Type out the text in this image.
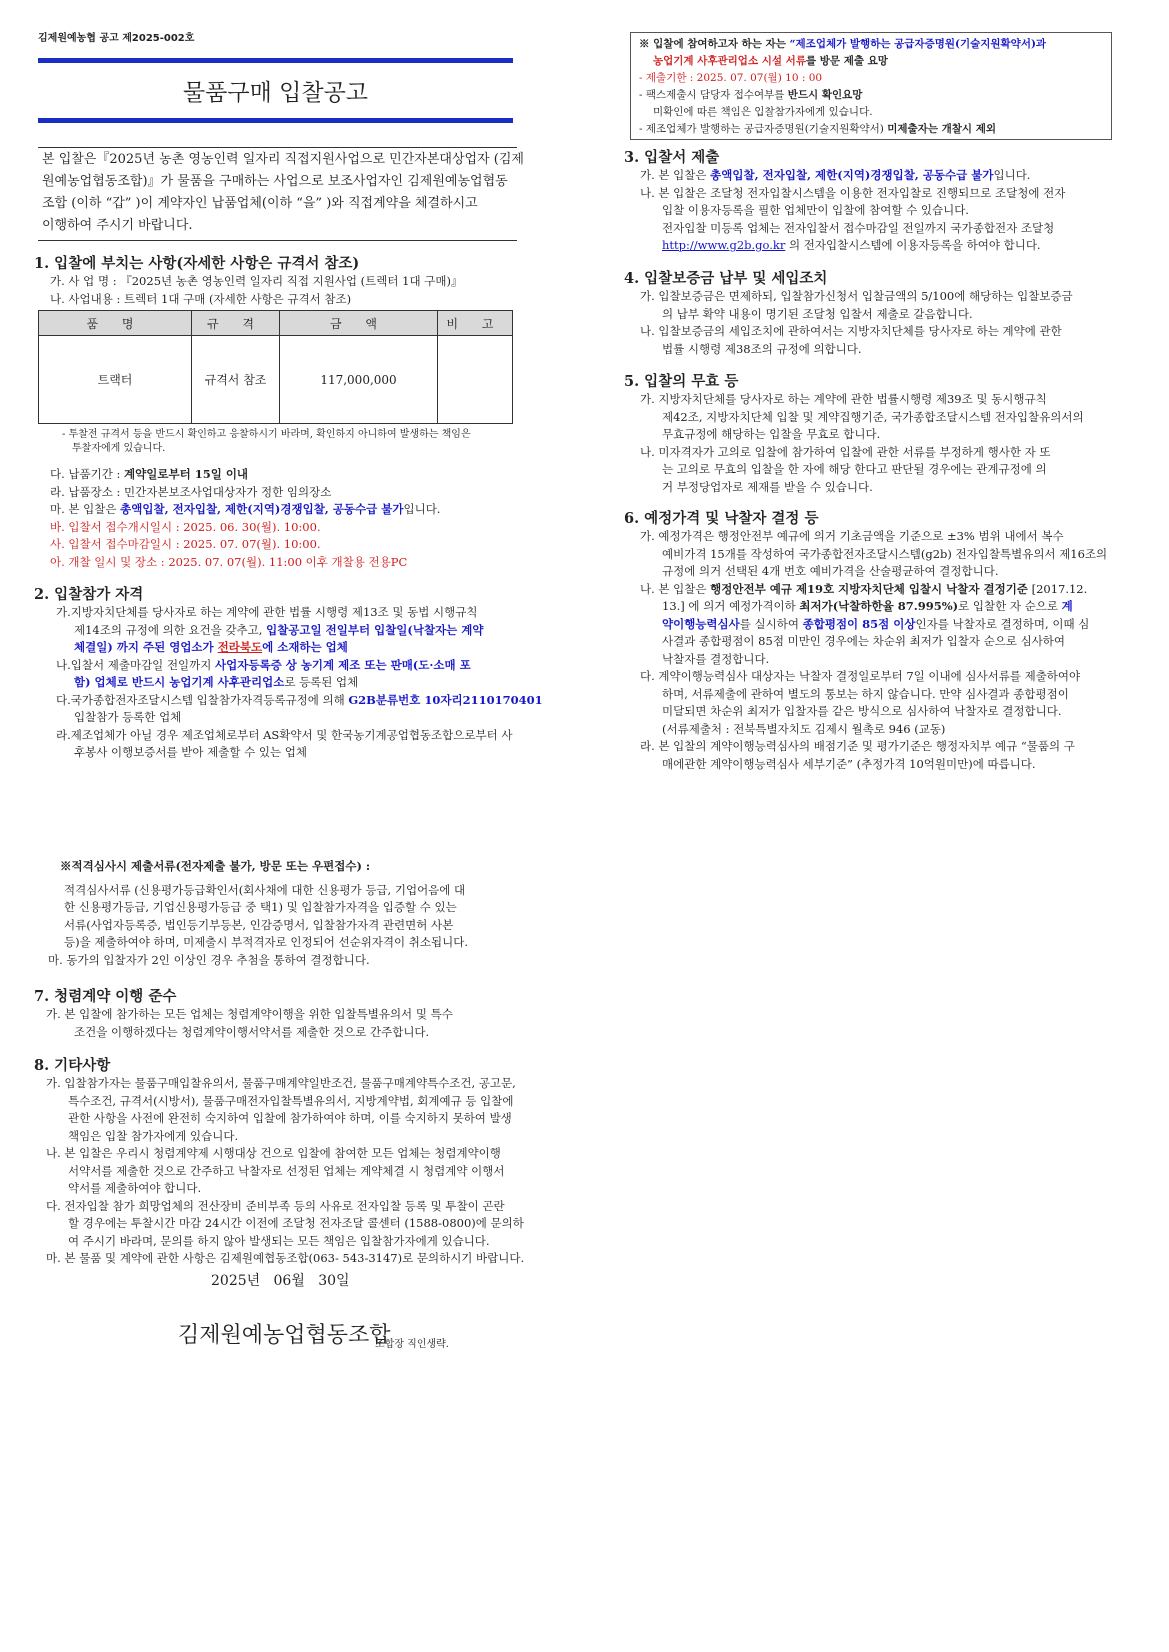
김제원예농협 공고 제2025-002호
물품구매 입찰공고
본 입찰은『2025년 농촌 영농인력 일자리 직접지원사업으로 민간자본대상업자 (김제
원예농업협동조합)』가 물품을 구매하는 사업으로 보조사업자인 김제원예농업협동
조합 (이하 “갑” )이 계약자인 납품업체(이하 “을” )와 직접계약을 체결하시고
이행하여 주시기 바랍니다.
1. 입찰에 부치는 사항(자세한 사항은 규격서 참조)
가. 사 업 명 : 『2025년 농촌 영농인력 일자리 직접 지원사업 (트렉터 1대 구매)』
나. 사업내용 : 트렉터 1대 구매 (자세한 사항은 규격서 참조)
품 명	규 격	금 액	비 고
트랙터	규격서 참조	117,000,000	
- 투찰전 규격서 등을 반드시 확인하고 응찰하시기 바라며, 확인하지 아니하여 발생하는 책임은
투찰자에게 있습니다.
다. 납품기간 : 계약일로부터 15일 이내
라. 납품장소 : 민간자본보조사업대상자가 정한 임의장소
마. 본 입찰은 총액입찰, 전자입찰, 제한(지역)경쟁입찰, 공동수급 불가입니다.
바. 입찰서 접수개시일시 : 2025. 06. 30(월). 10:00.
사. 입찰서 접수마감일시 : 2025. 07. 07(월). 10:00.
아. 개찰 일시 및 장소 : 2025. 07. 07(월). 11:00 이후 개찰용 전용PC
2. 입찰참가 자격
가.지방자치단체를 당사자로 하는 계약에 관한 법률 시행령 제13조 및 동법 시행규칙
제14조의 규정에 의한 요건을 갖추고, 입찰공고일 전일부터 입찰일(낙찰자는 계약
체결일) 까지 주된 영업소가 전라북도에 소재하는 업체
나.입찰서 제출마감일 전일까지 사업자등록증 상 농기계 제조 또는 판매(도·소매 포
함) 업체로 반드시 농업기계 사후관리업소로 등록된 업체
다.국가종합전자조달시스템 입찰참가자격등록규정에 의해 G2B분류번호 10자리2110170401
입찰참가 등록한 업체
라.제조업체가 아닐 경우 제조업체로부터 AS확약서 및 한국농기계공업협동조합으로부터 사
후봉사 이행보증서를 받아 제출할 수 있는 업체
※적격심사시 제출서류(전자제출 불가, 방문 또는 우편접수) :
적격심사서류 (신용평가등급확인서(회사채에 대한 신용평가 등급, 기업어음에 대
한 신용평가등급, 기업신용평가등급 중 택1) 및 입찰참가자격을 입증할 수 있는
서류(사업자등록증, 법인등기부등본, 인감증명서, 입찰참가자격 관련면허 사본
등)을 제출하여야 하며, 미제출시 부적격자로 인정되어 선순위자격이 취소됩니다.
마. 동가의 입찰자가 2인 이상인 경우 추첨을 통하여 결정합니다.
7. 청렴계약 이행 준수
가. 본 입찰에 참가하는 모든 업체는 청렴계약이행을 위한 입찰특별유의서 및 특수
조건을 이행하겠다는 청렴계약이행서약서를 제출한 것으로 간주합니다.
8. 기타사항
가. 입찰참가자는 물품구매입찰유의서, 물품구매계약일반조건, 물품구매계약특수조건, 공고문,
특수조건, 규격서(시방서), 물품구매전자입찰특별유의서, 지방계약법, 회계예규 등 입찰에
관한 사항을 사전에 완전히 숙지하여 입찰에 참가하여야 하며, 이를 숙지하지 못하여 발생
책임은 입찰 참가자에게 있습니다.
나. 본 입찰은 우리시 청렴계약제 시행대상 건으로 입찰에 참여한 모든 업체는 청렴계약이행
서약서를 제출한 것으로 간주하고 낙찰자로 선정된 업체는 계약체결 시 청렴계약 이행서
약서를 제출하여야 합니다.
다. 전자입찰 참가 희망업체의 전산장비 준비부족 등의 사유로 전자입찰 등록 및 투찰이 곤란
할 경우에는 투찰시간 마감 24시간 이전에 조달청 전자조달 콜센터 (1588-0800)에 문의하
여 주시기 바라며, 문의를 하지 않아 발생되는 모든 책임은 입찰참가자에게 있습니다.
마. 본 물품 및 계약에 관한 사항은 김제원예협동조합(063- 543-3147)로 문의하시기 바랍니다.
2025년   06월   30일
김제원예농업협동조합
조합장 직인생략.
※ 입찰에 참여하고자 하는 자는 “제조업체가 발행하는 공급자증명원(기술지원확약서)과
농업기계 사후관리업소 시설 서류를 방문 제출 요망
- 제출기한 : 2025. 07. 07(월) 10 : 00
- 팩스제출시 담당자 접수여부를 반드시 확인요망
미확인에 따른 책임은 입찰참가자에게 있습니다.
- 제조업체가 발행하는 공급자증명원(기술지원확약서) 미제출자는 개찰시 제외
3. 입찰서 제출
가. 본 입찰은 총액입찰, 전자입찰, 제한(지역)경쟁입찰, 공동수급 불가입니다.
나. 본 입찰은 조달청 전자입찰시스템을 이용한 전자입찰로 진행되므로 조달청에 전자
입찰 이용자등록을 필한 업체만이 입찰에 참여할 수 있습니다.
전자입찰 미등록 업체는 전자입찰서 접수마감일 전일까지 국가종합전자 조달청
http://www.g2b.go.kr 의 전자입찰시스템에 이용자등록을 하여야 합니다.
4. 입찰보증금 납부 및 세입조치
가. 입찰보증금은 면제하되, 입찰참가신청서 입찰금액의 5/100에 해당하는 입찰보증금
의 납부 확약 내용이 명기된 조달청 입찰서 제출로 갈음합니다.
나. 입찰보증금의 세입조치에 관하여서는 지방자치단체를 당사자로 하는 계약에 관한
법률 시행령 제38조의 규정에 의합니다.
5. 입찰의 무효 등
가. 지방자치단체를 당사자로 하는 계약에 관한 법률시행령 제39조 및 동시행규칙
제42조, 지방자치단체 입찰 및 계약집행기준, 국가종합조달시스템 전자입찰유의서의
무효규정에 해당하는 입찰을 무효로 합니다.
나. 미자격자가 고의로 입찰에 참가하여 입찰에 관한 서류를 부정하게 행사한 자 또
는 고의로 무효의 입찰을 한 자에 해당 한다고 판단될 경우에는 관계규정에 의
거 부정당업자로 제재를 받을 수 있습니다.
6. 예정가격 및 낙찰자 결정 등
가. 예정가격은 행정안전부 예규에 의거 기초금액을 기준으로 ±3% 범위 내에서 복수
예비가격 15개를 작성하여 국가종합전자조달시스템(g2b) 전자입찰특별유의서 제16조의
규정에 의거 선택된 4개 번호 예비가격을 산술평균하여 결정합니다.
나. 본 입찰은 행정안전부 예규 제19호 지방자치단체 입찰시 낙찰자 결정기준 [2017.12.
13.] 에 의거 예정가격이하 최저가(낙찰하한율 87.995%)로 입찰한 자 순으로 계
약이행능력심사를 실시하여 종합평점이 85점 이상인자를 낙찰자로 결정하며, 이때 심
사결과 종합평점이 85점 미만인 경우에는 차순위 최저가 입찰자 순으로 심사하여
낙찰자를 결정합니다.
다. 계약이행능력심사 대상자는 낙찰자 결정일로부터 7일 이내에 심사서류를 제출하여야
하며, 서류제출에 관하여 별도의 통보는 하지 않습니다. 만약 심사결과 종합평점이
미달되면 차순위 최저가 입찰자를 같은 방식으로 심사하여 낙찰자로 결정합니다.
(서류제출처 : 전북특별자치도 김제시 월촉로 946 (교동)
라. 본 입찰의 계약이행능력심사의 배점기준 및 평가기준은 행정자치부 예규 “물품의 구
매에관한 계약이행능력심사 세부기준” (추정가격 10억원미만)에 따릅니다.
